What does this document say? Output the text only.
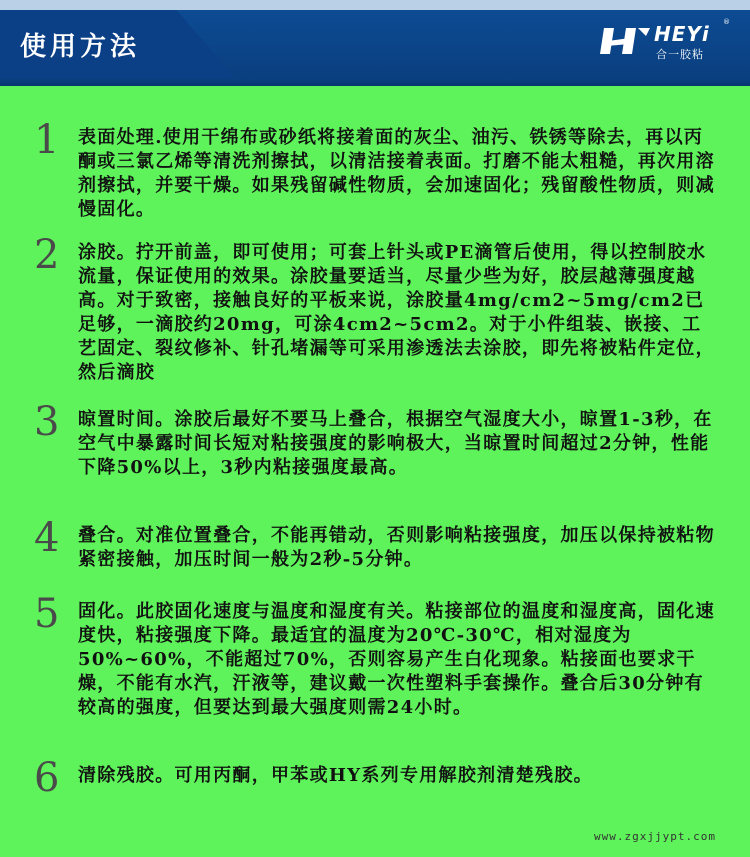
使用方法	HEYi ®
合一胶粘
1 表面处理.使用干绵布或砂纸将接着面的灰尘、油污、铁锈等除去，再以丙酮或三氯乙烯等清洗剂擦拭，以清洁接着表面。打磨不能太粗糙，再次用溶剂擦拭，并要干燥。如果残留碱性物质，会加速固化；残留酸性物质，则减慢固化。
2 涂胶。拧开前盖，即可使用；可套上针头或PE滴管后使用，得以控制胶水流量，保证使用的效果。涂胶量要适当，尽量少些为好，胶层越薄强度越高。对于致密，接触良好的平板来说，涂胶量4mg/cm2~5mg/cm2已足够，一滴胶约20mg，可涂4cm2~5cm2。对于小件组装、嵌接、工艺固定、裂纹修补、针孔堵漏等可采用渗透法去涂胶，即先将被粘件定位，然后滴胶
3 晾置时间。涂胶后最好不要马上叠合，根据空气湿度大小，晾置1-3秒，在空气中暴露时间长短对粘接强度的影响极大，当晾置时间超过2分钟，性能下降50%以上，3秒内粘接强度最高。
4 叠合。对准位置叠合，不能再错动，否则影响粘接强度，加压以保持被粘物紧密接触，加压时间一般为2秒-5分钟。
5 固化。此胶固化速度与温度和湿度有关。粘接部位的温度和湿度高，固化速度快，粘接强度下降。最适宜的温度为20℃-30℃，相对湿度为50%~60%，不能超过70%，否则容易产生白化现象。粘接面也要求干燥，不能有水汽，汗液等，建议戴一次性塑料手套操作。叠合后30分钟有较高的强度，但要达到最大强度则需24小时。
6 清除残胶。可用丙酮，甲苯或HY系列专用解胶剂清楚残胶。
www.zgxjjypt.com
